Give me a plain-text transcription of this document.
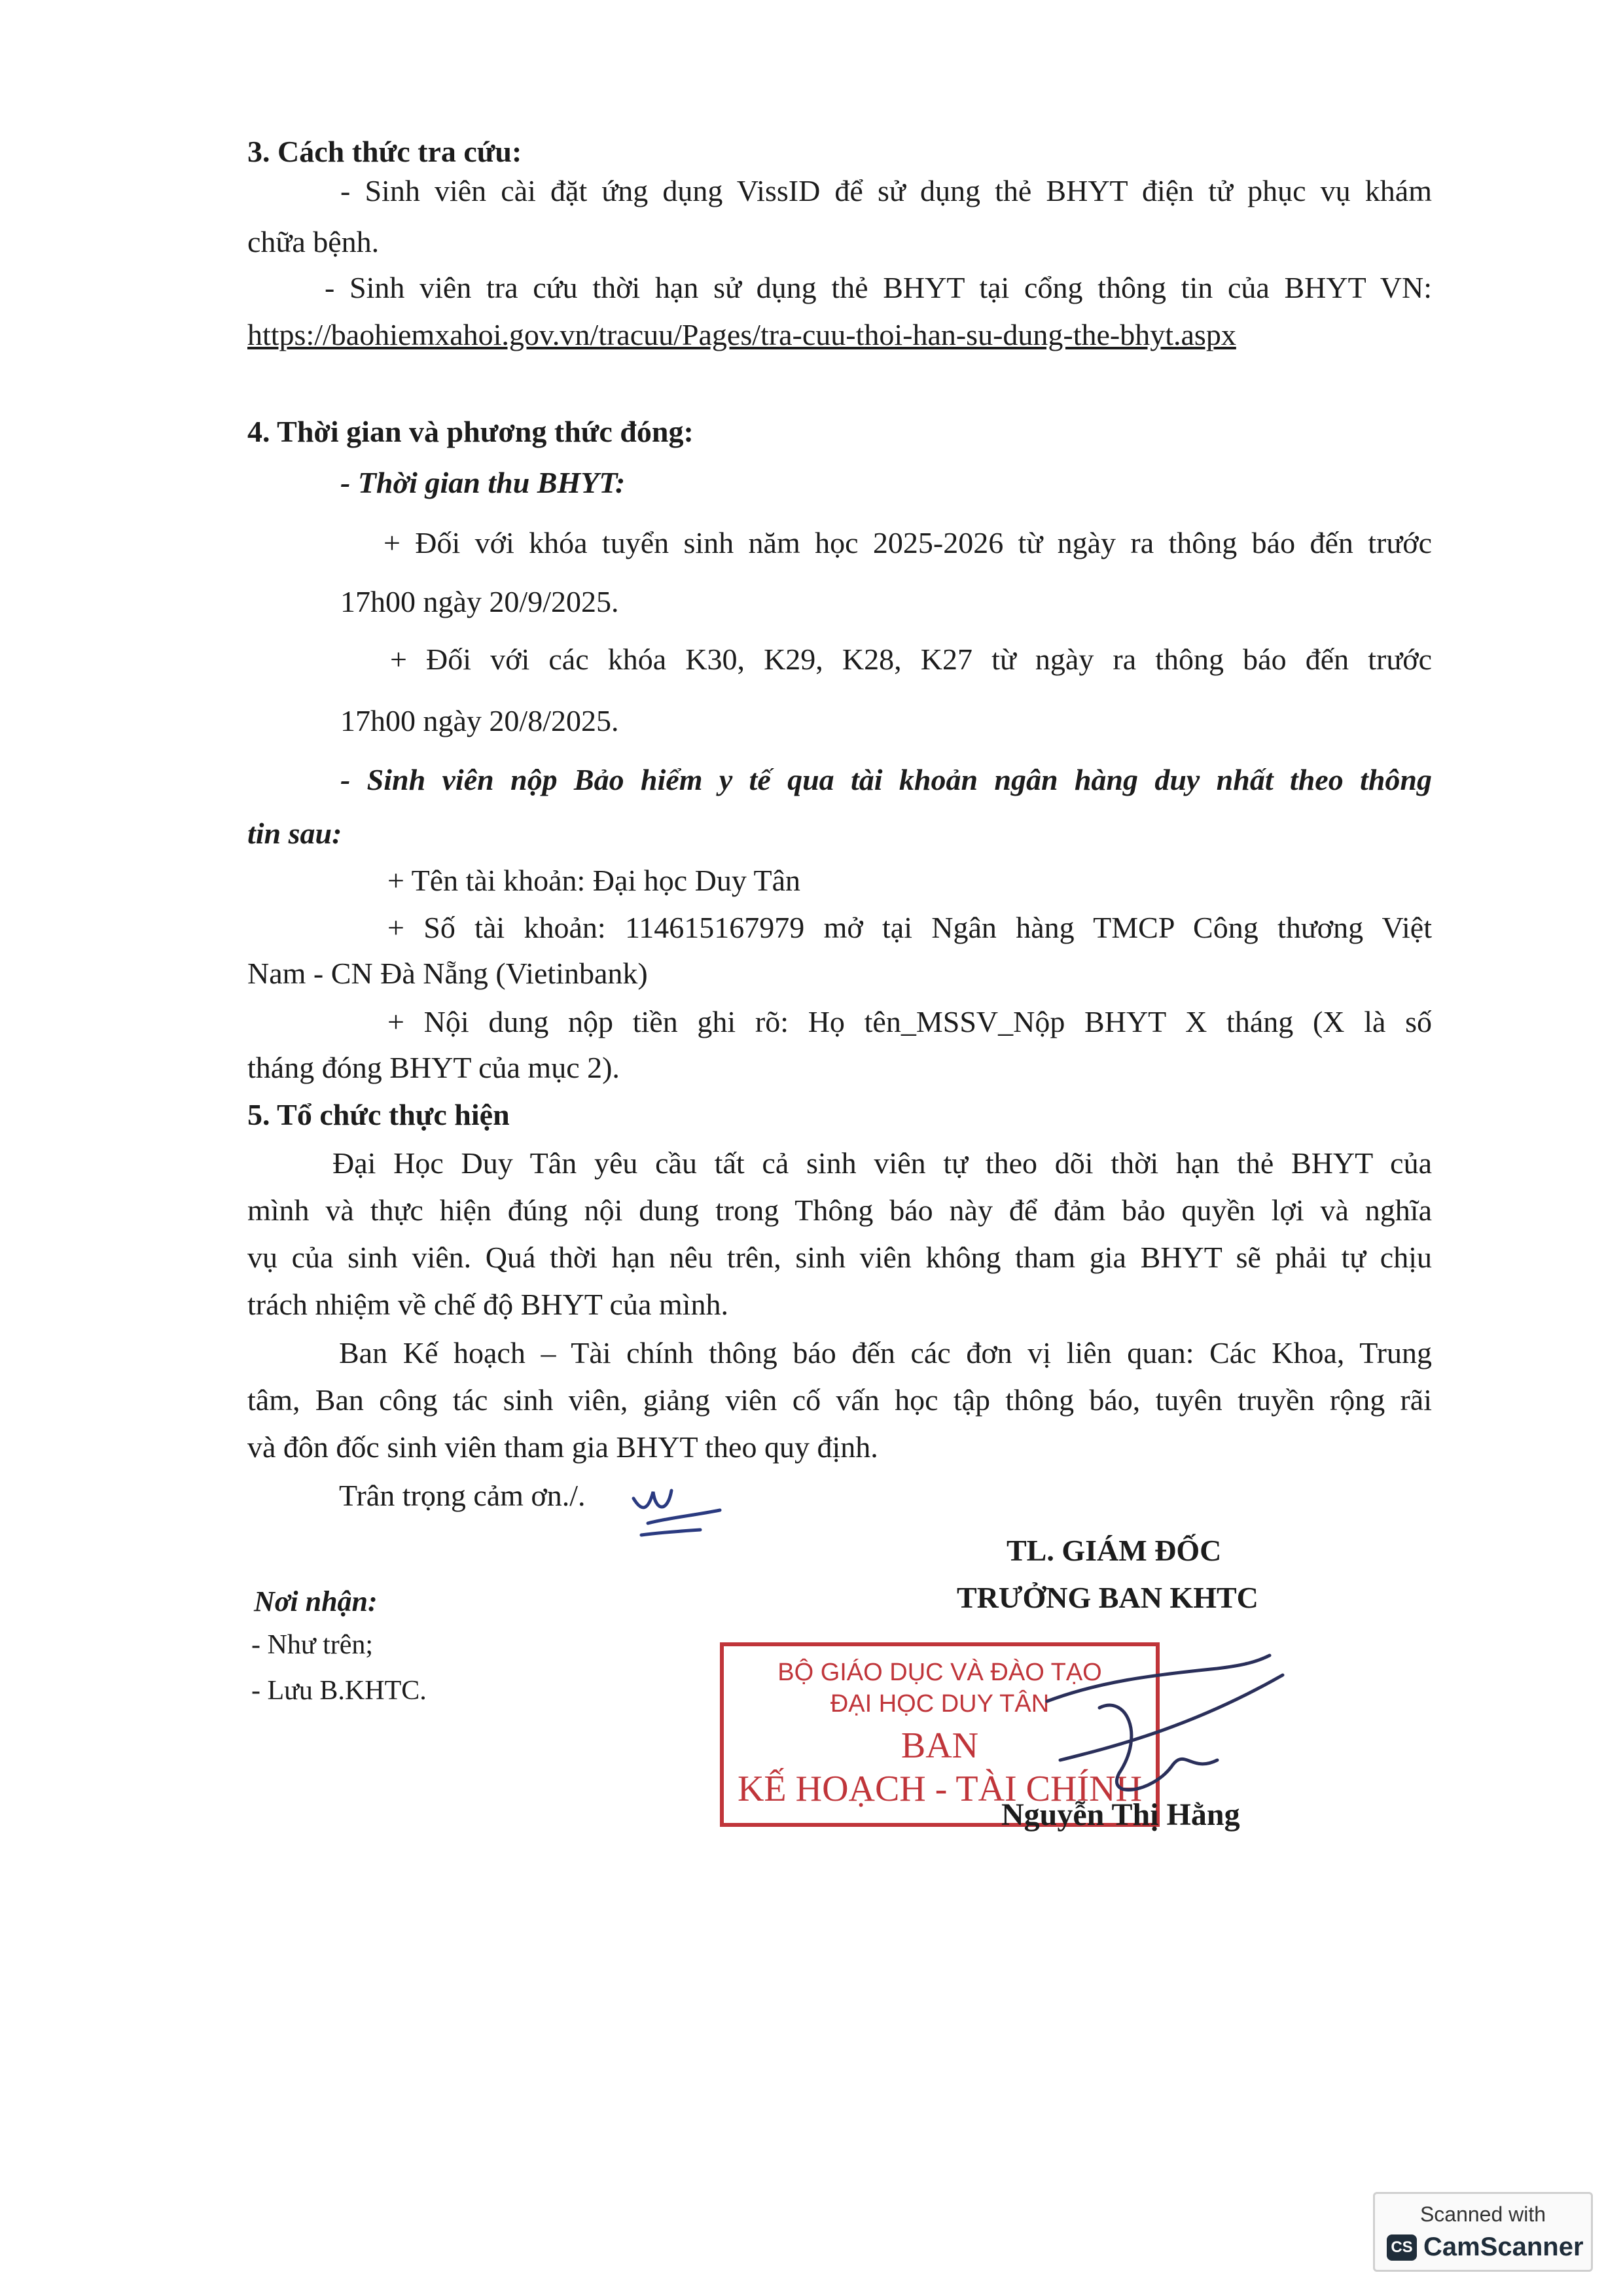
3. Cách thức tra cứu:
- Sinh viên cài đặt ứng dụng VissID để sử dụng thẻ BHYT điện tử phục vụ khám
chữa bệnh.
- Sinh viên tra cứu thời hạn sử dụng thẻ BHYT tại cổng thông tin của BHYT VN:
https://baohiemxahoi.gov.vn/tracuu/Pages/tra-cuu-thoi-han-su-dung-the-bhyt.aspx
4. Thời gian và phương thức đóng:
- Thời gian thu BHYT:
+ Đối với khóa tuyển sinh năm học 2025-2026 từ ngày ra thông báo đến trước
17h00 ngày 20/9/2025.
+ Đối với các khóa K30, K29, K28, K27 từ ngày ra thông báo đến trước
17h00 ngày 20/8/2025.
- Sinh viên nộp Bảo hiểm y tế qua tài khoản ngân hàng duy nhất theo thông
tin sau:
+ Tên tài khoản: Đại học Duy Tân
+ Số tài khoản: 114615167979 mở tại Ngân hàng TMCP Công thương Việt
Nam - CN Đà Nẵng (Vietinbank)
+ Nội dung nộp tiền ghi rõ: Họ tên_MSSV_Nộp BHYT X tháng (X là số
tháng đóng BHYT của mục 2).
5. Tổ chức thực hiện
Đại Học Duy Tân yêu cầu tất cả sinh viên tự theo dõi thời hạn thẻ BHYT của
mình và thực hiện đúng nội dung trong Thông báo này để đảm bảo quyền lợi và nghĩa
vụ của sinh viên. Quá thời hạn nêu trên, sinh viên không tham gia BHYT sẽ phải tự chịu
trách nhiệm về chế độ BHYT của mình.
Ban Kế hoạch – Tài chính thông báo đến các đơn vị liên quan: Các Khoa, Trung
tâm, Ban công tác sinh viên, giảng viên cố vấn học tập thông báo, tuyên truyền rộng rãi
và đôn đốc sinh viên tham gia BHYT theo quy định.
Trân trọng cảm ơn./.
TL. GIÁM ĐỐC
TRƯỞNG BAN KHTC
Nơi nhận:
- Như trên;
- Lưu B.KHTC.
BỘ GIÁO DỤC VÀ ĐÀO TẠO
ĐẠI HỌC DUY TÂN
BAN
KẾ HOẠCH - TÀI CHÍNH
Nguyễn Thị Hằng
Scanned with
CS CamScanner
